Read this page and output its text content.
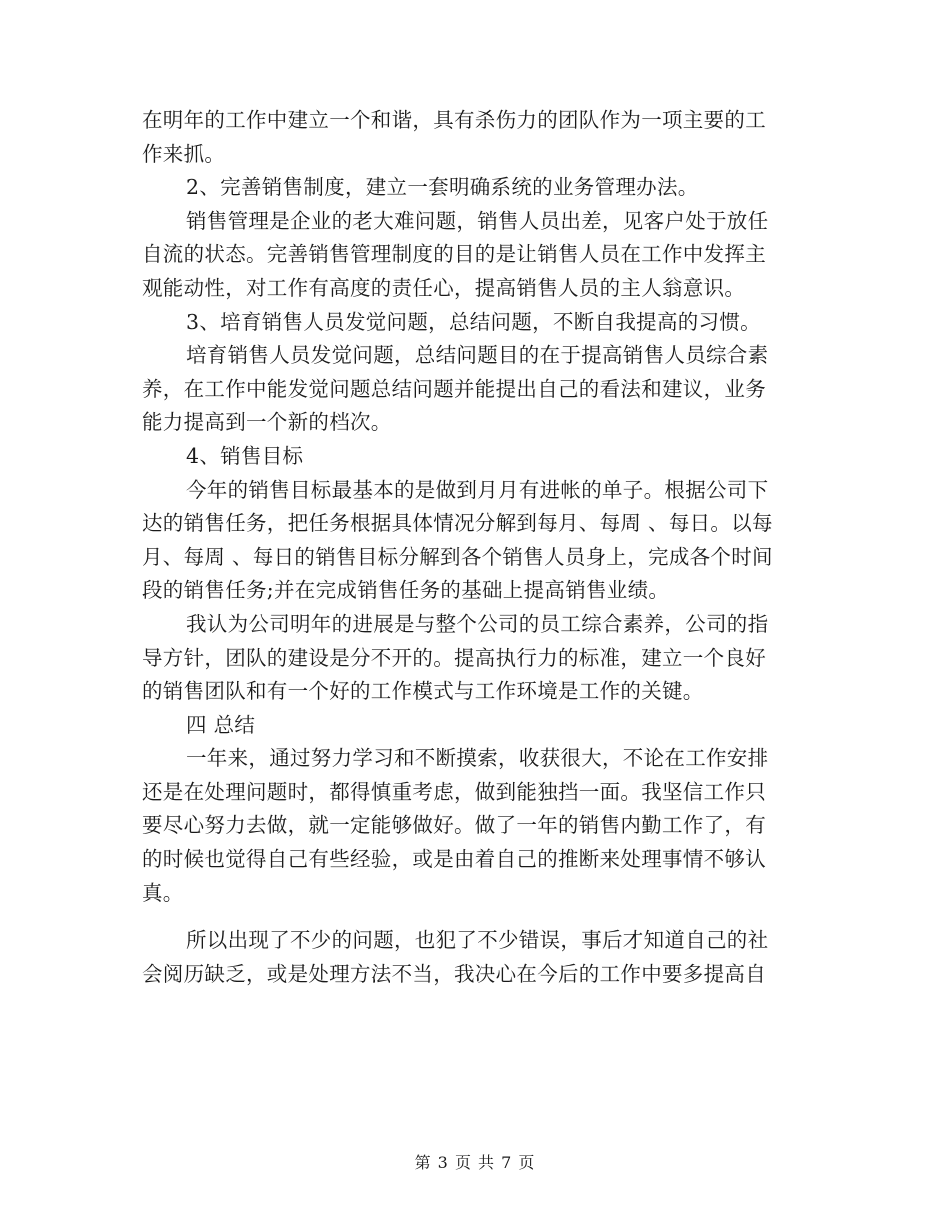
在明年的工作中建立一个和谐，具有杀伤力的团队作为一项主要的工
作来抓。
2、完善销售制度，建立一套明确系统的业务管理办法。
销售管理是企业的老大难问题，销售人员出差，见客户处于放任
自流的状态。完善销售管理制度的目的是让销售人员在工作中发挥主
观能动性，对工作有高度的责任心，提高销售人员的主人翁意识。
3、培育销售人员发觉问题，总结问题，不断自我提高的习惯。
培育销售人员发觉问题，总结问题目的在于提高销售人员综合素
养，在工作中能发觉问题总结问题并能提出自己的看法和建议，业务
能力提高到一个新的档次。
4、销售目标
今年的销售目标最基本的是做到月月有进帐的单子。根据公司下
达的销售任务，把任务根据具体情况分解到每月、每周 、每日。以每
月、每周 、每日的销售目标分解到各个销售人员身上，完成各个时间
段的销售任务;并在完成销售任务的基础上提高销售业绩。
我认为公司明年的进展是与整个公司的员工综合素养，公司的指
导方针，团队的建设是分不开的。提高执行力的标准，建立一个良好
的销售团队和有一个好的工作模式与工作环境是工作的关键。
四 总结
一年来，通过努力学习和不断摸索，收获很大，不论在工作安排
还是在处理问题时，都得慎重考虑，做到能独挡一面。我坚信工作只
要尽心努力去做，就一定能够做好。做了一年的销售内勤工作了，有
的时候也觉得自己有些经验，或是由着自己的推断来处理事情不够认
真。
所以出现了不少的问题，也犯了不少错误，事后才知道自己的社
会阅历缺乏，或是处理方法不当，我决心在今后的工作中要多提高自
第 3 页 共 7 页
